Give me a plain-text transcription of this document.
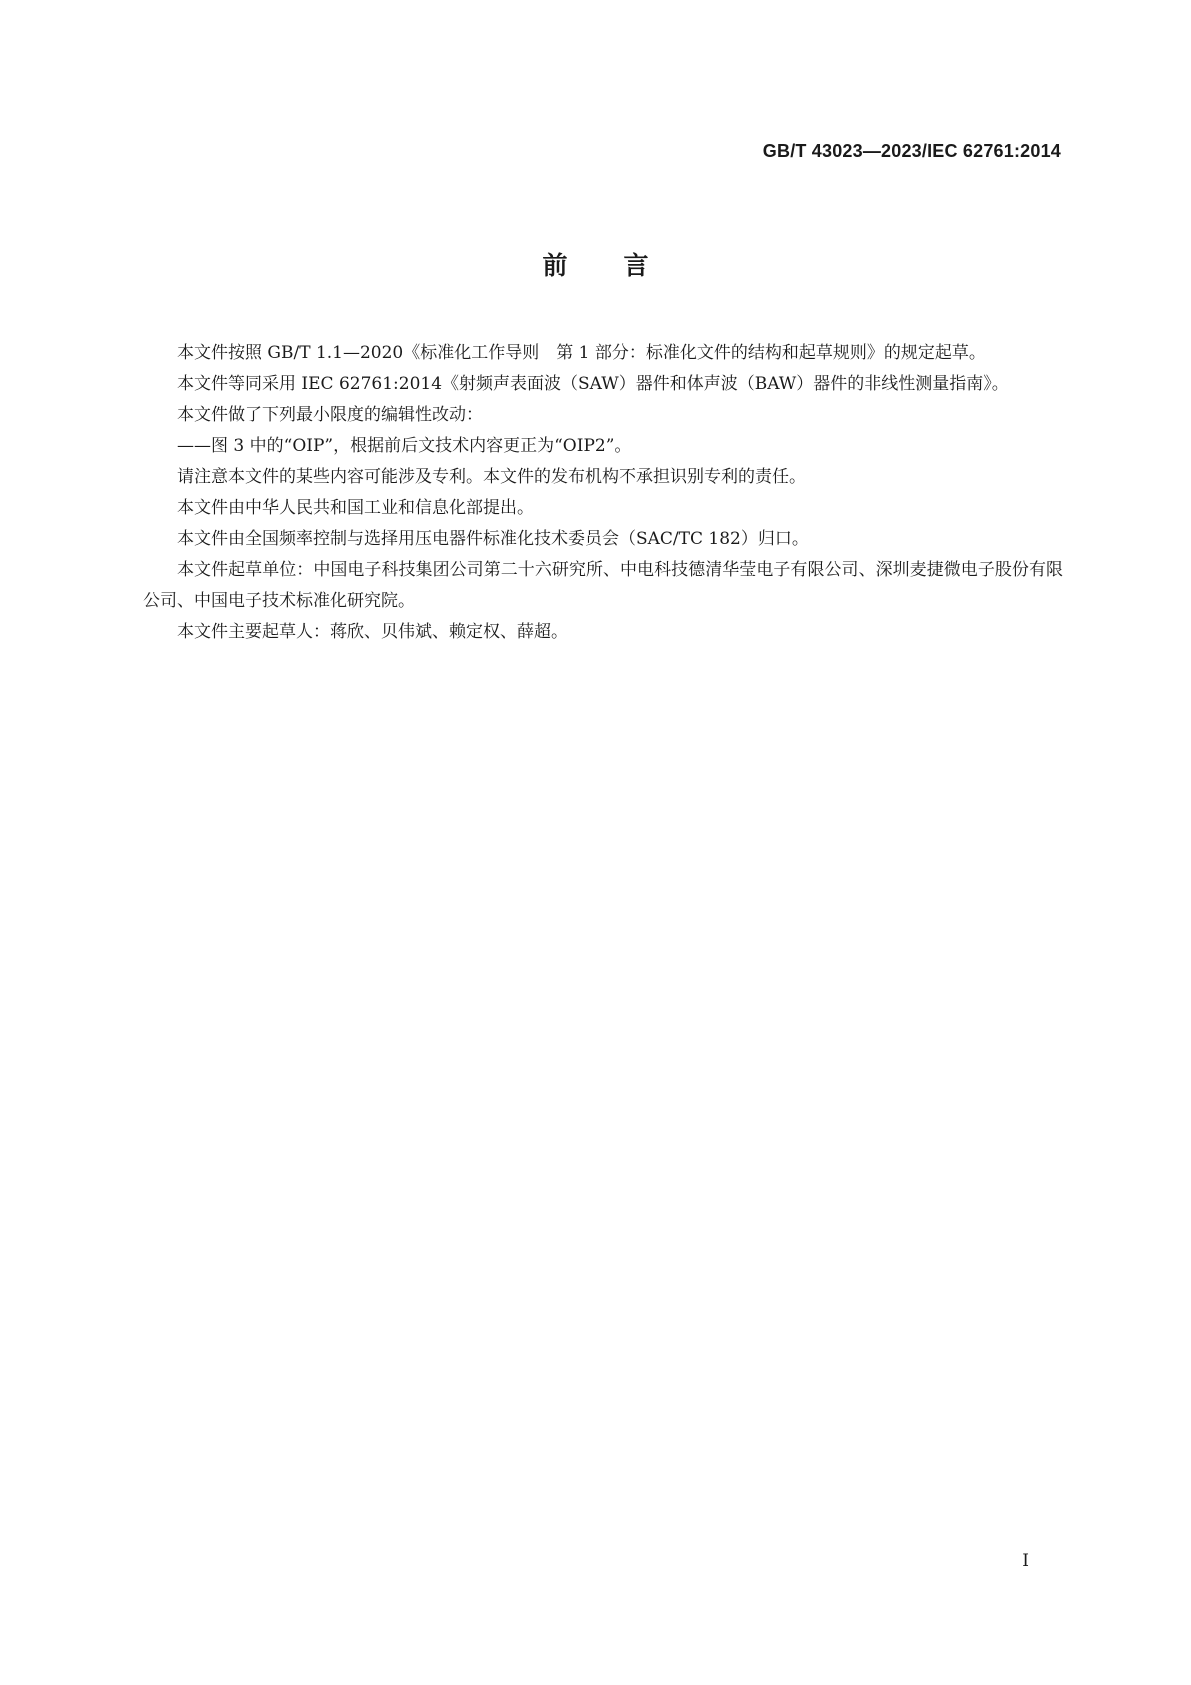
GB/T 43023—2023/IEC 62761:2014
前言

本文件按照 GB/T 1.1—2020《标准化工作导则　第 1 部分：标准化文件的结构和起草规则》的规定起草。

本文件等同采用 IEC 62761:2014《射频声表面波（SAW）器件和体声波（BAW）器件的非线性测量指南》。

本文件做了下列最小限度的编辑性改动：

——图 3 中的“OIP”，根据前后文技术内容更正为“OIP2”。

请注意本文件的某些内容可能涉及专利。本文件的发布机构不承担识别专利的责任。

本文件由中华人民共和国工业和信息化部提出。

本文件由全国频率控制与选择用压电器件标准化技术委员会（SAC/TC 182）归口。

本文件起草单位：中国电子科技集团公司第二十六研究所、中电科技德清华莹电子有限公司、深圳麦捷微电子股份有限公司、中国电子技术标准化研究院。

本文件主要起草人：蒋欣、贝伟斌、赖定权、薛超。

I
